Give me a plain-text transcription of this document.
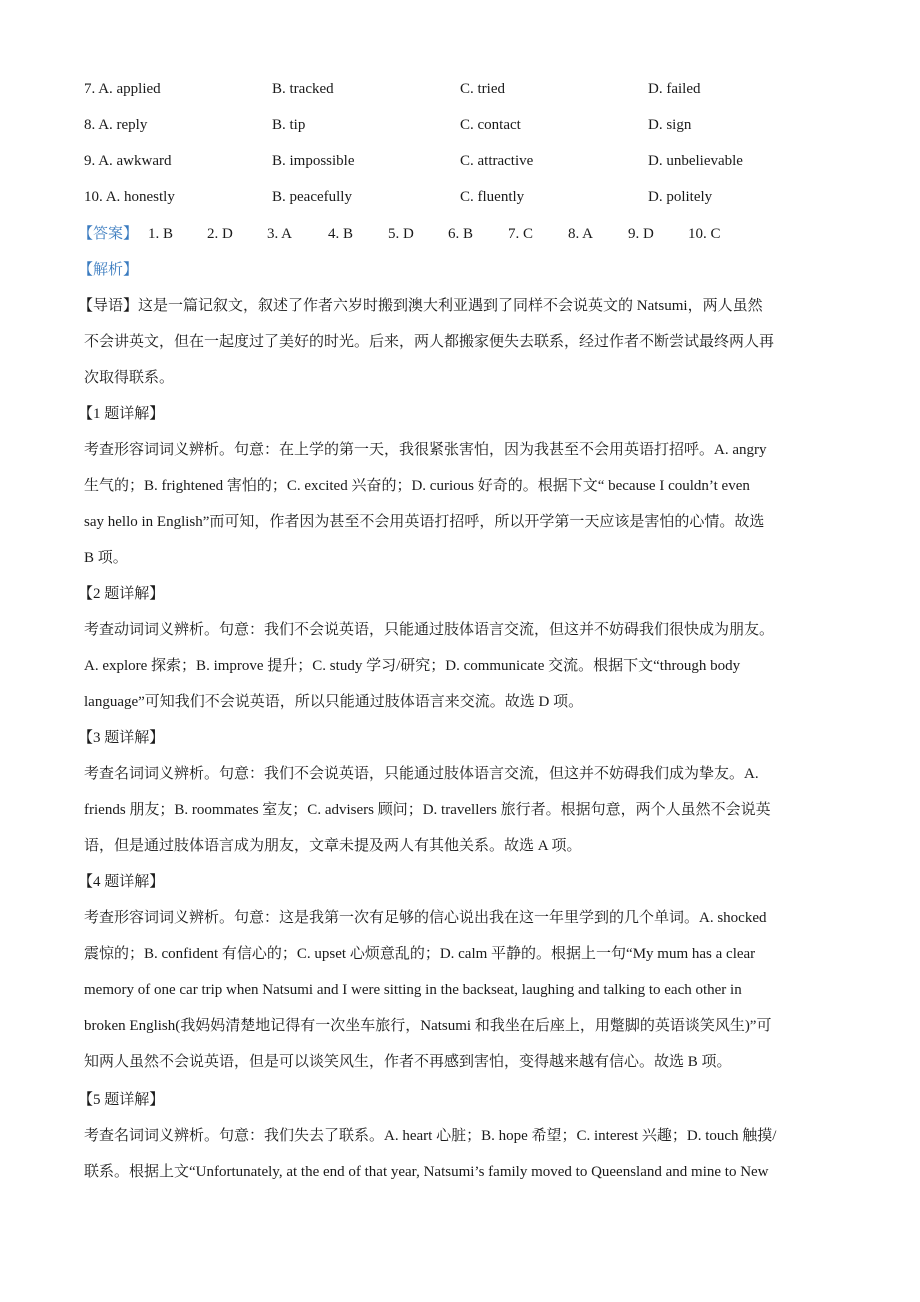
7. A. applied	B. tracked	C. tried	D. failed
8. A. reply	B. tip	C. contact	D. sign
9. A. awkward	B. impossible	C. attractive	D. unbelievable
10. A. honestly	B. peacefully	C. fluently	D. politely
【答案】 1. B 2. D 3. A 4. B 5. D 6. B 7. C 8. A 9. D 10. C
【解析】
【导语】这是一篇记叙文，叙述了作者六岁时搬到澳大利亚遇到了同样不会说英文的 Natsumi，两人虽然
不会讲英文，但在一起度过了美好的时光。后来，两人都搬家便失去联系，经过作者不断尝试最终两人再
次取得联系。
【1 题详解】
考查形容词词义辨析。句意：在上学的第一天，我很紧张害怕，因为我甚至不会用英语打招呼。A. angry
生气的；B. frightened 害怕的；C. excited 兴奋的；D. curious 好奇的。根据下文“ because I couldn’t even
say hello in English”而可知，作者因为甚至不会用英语打招呼，所以开学第一天应该是害怕的心情。故选
B 项。
【2 题详解】
考查动词词义辨析。句意：我们不会说英语，只能通过肢体语言交流，但这并不妨碍我们很快成为朋友。
A. explore 探索；B. improve 提升；C. study 学习/研究；D. communicate 交流。根据下文“through body
language”可知我们不会说英语，所以只能通过肢体语言来交流。故选 D 项。
【3 题详解】
考查名词词义辨析。句意：我们不会说英语，只能通过肢体语言交流，但这并不妨碍我们成为挚友。A.
friends 朋友；B. roommates 室友；C. advisers 顾问；D. travellers 旅行者。根据句意，两个人虽然不会说英
语，但是通过肢体语言成为朋友，文章未提及两人有其他关系。故选 A 项。
【4 题详解】
考查形容词词义辨析。句意：这是我第一次有足够的信心说出我在这一年里学到的几个单词。A. shocked
震惊的；B. confident 有信心的；C. upset 心烦意乱的；D. calm 平静的。根据上一句“My mum has a clear
memory of one car trip when Natsumi and I were sitting in the backseat, laughing and talking to each other in
broken English(我妈妈清楚地记得有一次坐车旅行，Natsumi 和我坐在后座上，用蹩脚的英语谈笑风生)”可
知两人虽然不会说英语，但是可以谈笑风生，作者不再感到害怕，变得越来越有信心。故选 B 项。
【5 题详解】
考查名词词义辨析。句意：我们失去了联系。A. heart 心脏；B. hope 希望；C. interest 兴趣；D. touch 触摸/
联系。根据上文“Unfortunately, at the end of that year, Natsumi’s family moved to Queensland and mine to New
